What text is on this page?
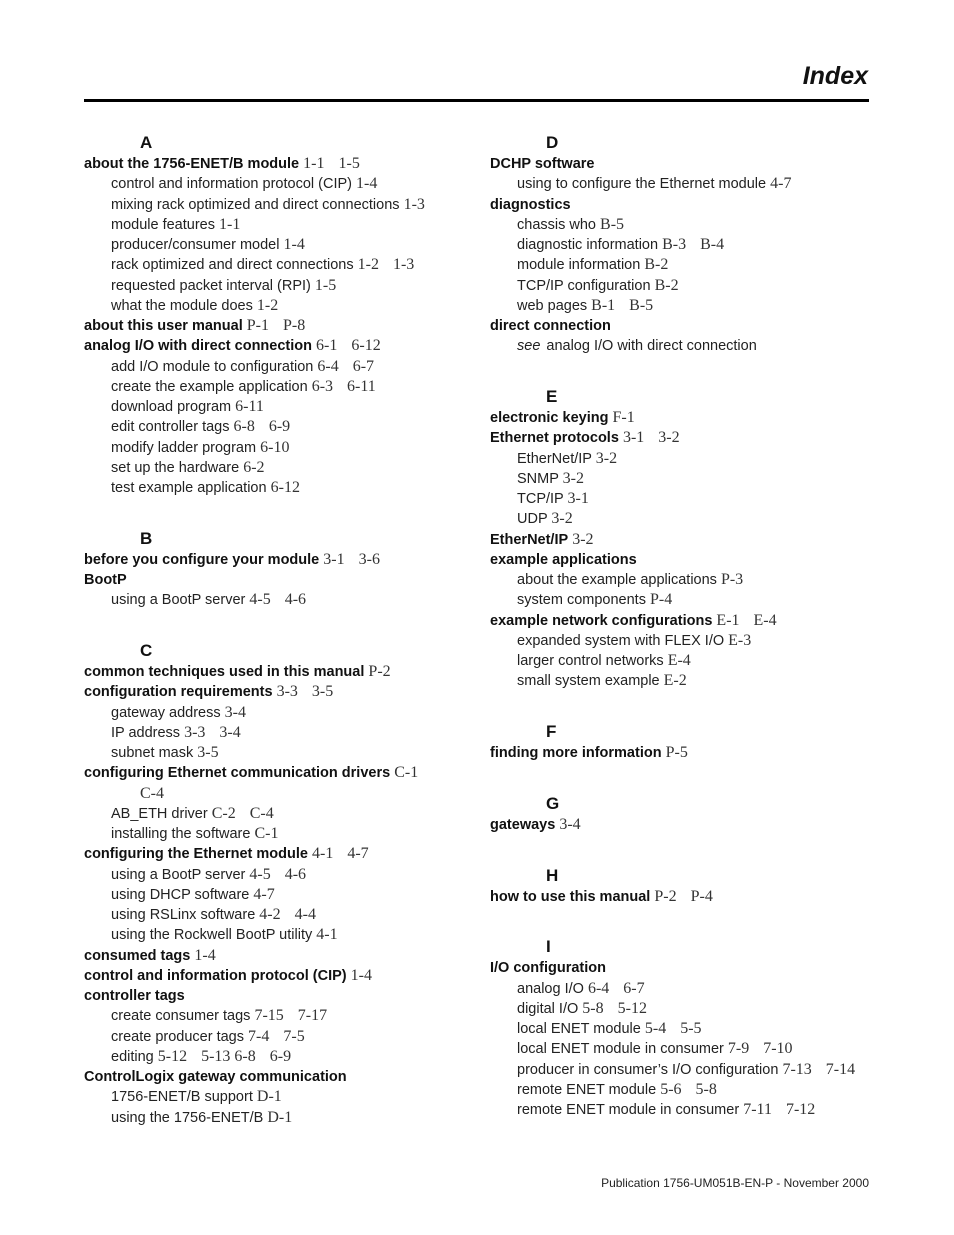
Index
A
about the 1756-ENET/B module 1-1 1-5
control and information protocol (CIP) 1-4
mixing rack optimized and direct connections 1-3
module features 1-1
producer/consumer model 1-4
rack optimized and direct connections 1-2 1-3
requested packet interval (RPI) 1-5
what the module does 1-2
about this user manual P-1 P-8
analog I/O with direct connection 6-1 6-12
add I/O module to configuration 6-4 6-7
create the example application 6-3 6-11
download program 6-11
edit controller tags 6-8 6-9
modify ladder program 6-10
set up the hardware 6-2
test example application 6-12
B
before you configure your module 3-1 3-6
BootP
using a BootP server 4-5 4-6
C
common techniques used in this manual P-2
configuration requirements 3-3 3-5
gateway address 3-4
IP address 3-3 3-4
subnet mask 3-5
configuring Ethernet communication drivers C-1
C-4
AB_ETH driver C-2 C-4
installing the software C-1
configuring the Ethernet module 4-1 4-7
using a BootP server 4-5 4-6
using DHCP software 4-7
using RSLinx software 4-2 4-4
using the Rockwell BootP utility 4-1
consumed tags 1-4
control and information protocol (CIP) 1-4
controller tags
create consumer tags 7-15 7-17
create producer tags 7-4 7-5
editing 5-12 5-13 6-8 6-9
ControlLogix gateway communication
1756-ENET/B support D-1
using the 1756-ENET/B D-1
D
DCHP software
using to configure the Ethernet module 4-7
diagnostics
chassis who B-5
diagnostic information B-3 B-4
module information B-2
TCP/IP configuration B-2
web pages B-1 B-5
direct connection
see analog I/O with direct connection
E
electronic keying F-1
Ethernet protocols 3-1 3-2
EtherNet/IP 3-2
SNMP 3-2
TCP/IP 3-1
UDP 3-2
EtherNet/IP 3-2
example applications
about the example applications P-3
system components P-4
example network configurations E-1 E-4
expanded system with FLEX I/O E-3
larger control networks E-4
small system example E-2
F
finding more information P-5
G
gateways 3-4
H
how to use this manual P-2 P-4
I
I/O configuration
analog I/O 6-4 6-7
digital I/O 5-8 5-12
local ENET module 5-4 5-5
local ENET module in consumer 7-9 7-10
producer in consumer’s I/O configuration 7-13 7-14
remote ENET module 5-6 5-8
remote ENET module in consumer 7-11 7-12
Publication 1756-UM051B-EN-P - November 2000
